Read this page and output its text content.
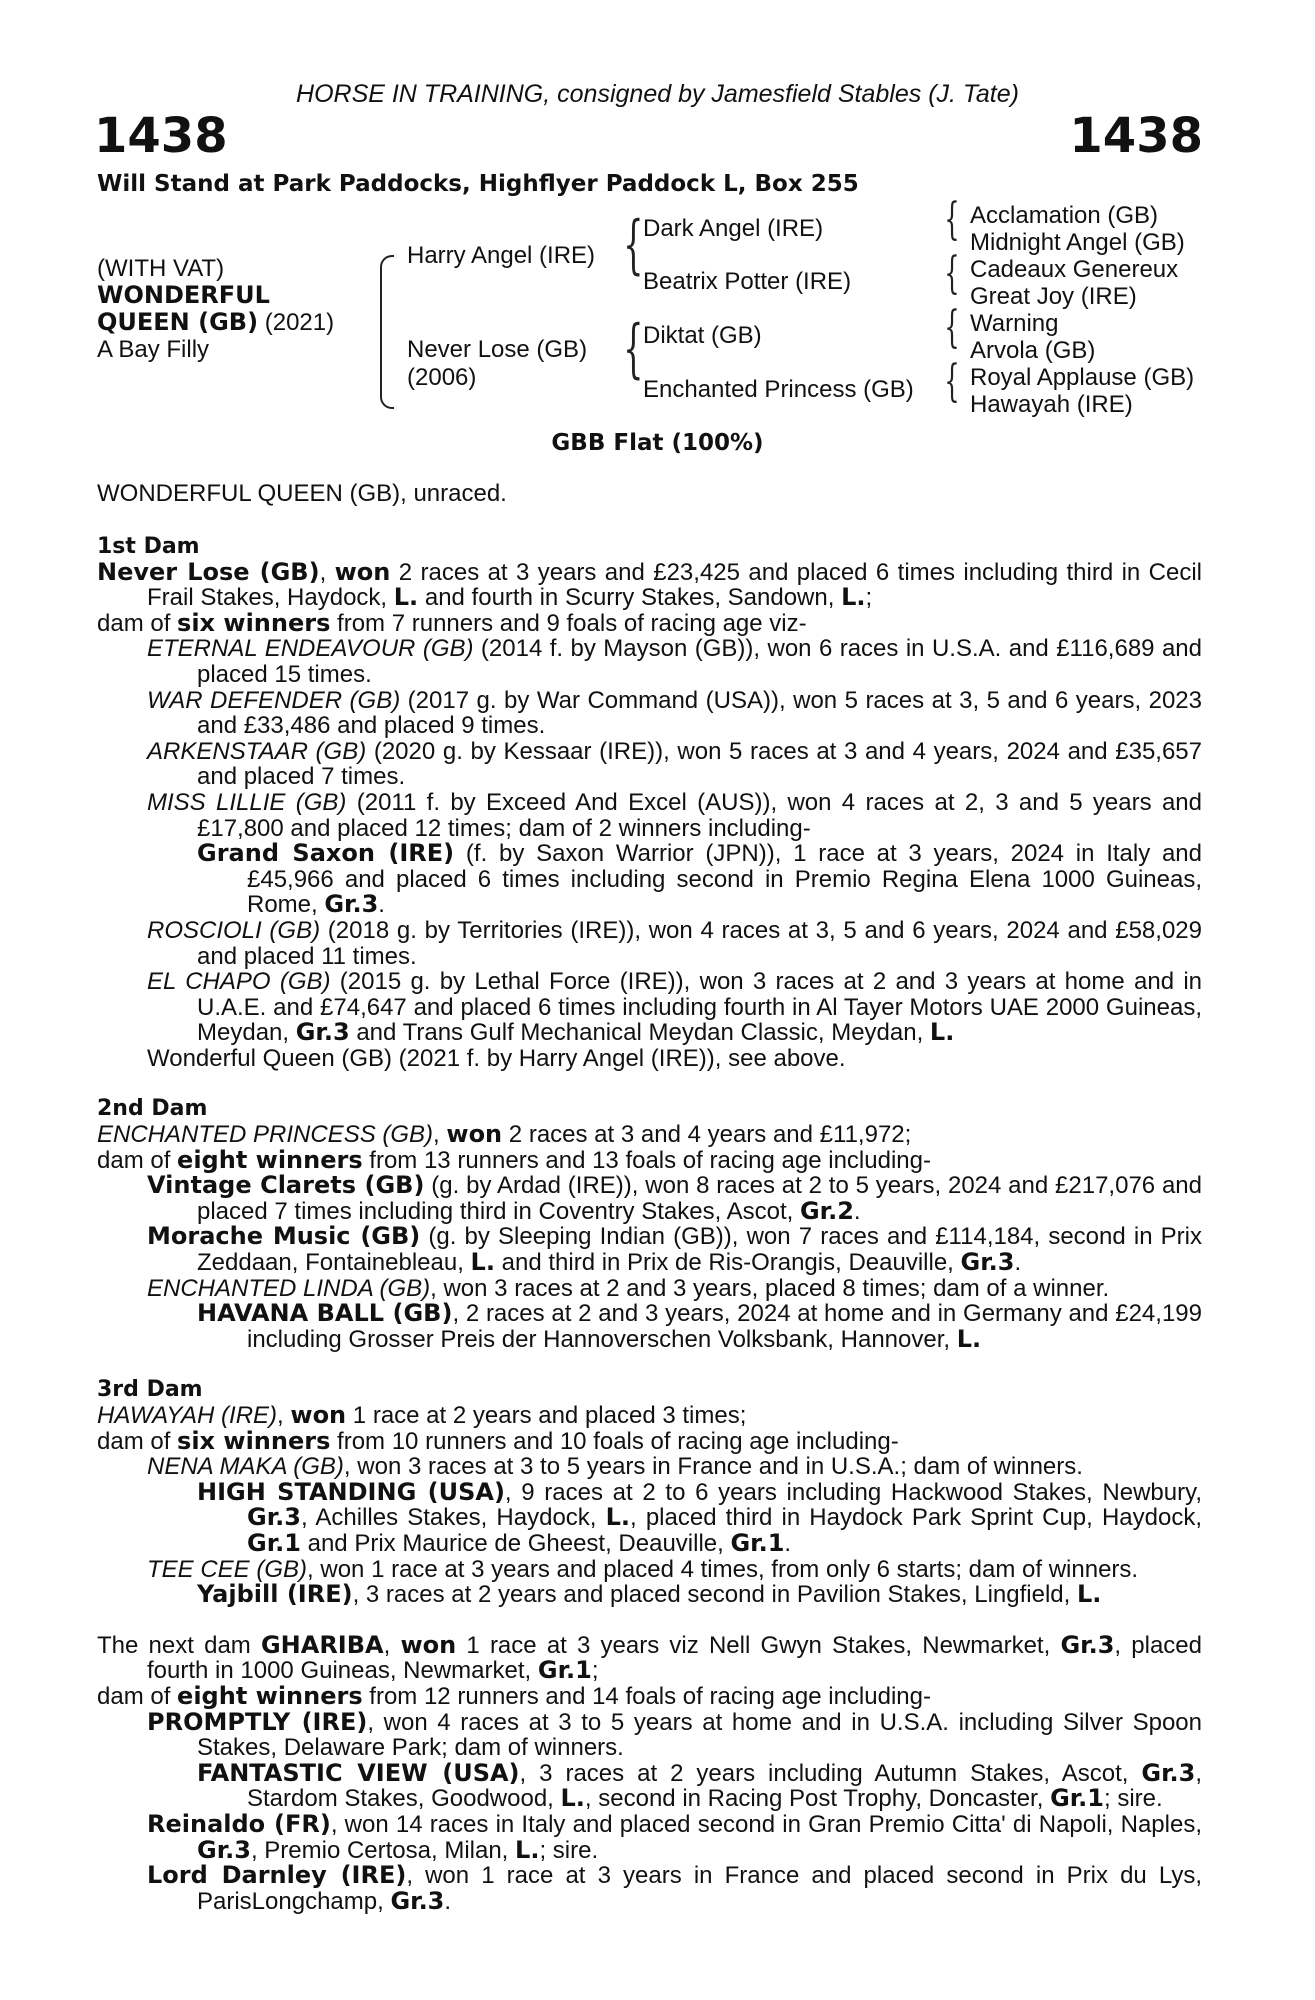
HORSE IN TRAINING, consigned by Jamesfield Stables (J. Tate)
1438	1438
Will Stand at Park Paddocks, Highflyer Paddock L, Box 255
(WITH VAT)
WONDERFUL
QUEEN (GB) (2021)
A Bay Filly
Harry Angel (IRE)
Never Lose (GB)
(2006)
{
{
Dark Angel (IRE)
Beatrix Potter (IRE)
Diktat (GB)
Enchanted Princess (GB)
{
{
{
{
Acclamation (GB)
Midnight Angel (GB)
Cadeaux Genereux
Great Joy (IRE)
Warning
Arvola (GB)
Royal Applause (GB)
Hawayah (IRE)
GBB Flat (100%)
WONDERFUL QUEEN (GB), unraced.

1st Dam

Never Lose (GB), won 2 races at 3 years and £23,425 and placed 6 times including third in Cecil Frail Stakes, Haydock, L. and fourth in Scurry Stakes, Sandown, L.;

dam of six winners from 7 runners and 9 foals of racing age viz-

ETERNAL ENDEAVOUR (GB) (2014 f. by Mayson (GB)), won 6 races in U.S.A. and £116,689 and placed 15 times.

WAR DEFENDER (GB) (2017 g. by War Command (USA)), won 5 races at 3, 5 and 6 years, 2023 and £33,486 and placed 9 times.

ARKENSTAAR (GB) (2020 g. by Kessaar (IRE)), won 5 races at 3 and 4 years, 2024 and £35,657 and placed 7 times.

MISS LILLIE (GB) (2011 f. by Exceed And Excel (AUS)), won 4 races at 2, 3 and 5 years and £17,800 and placed 12 times; dam of 2 winners including-

Grand Saxon (IRE) (f. by Saxon Warrior (JPN)), 1 race at 3 years, 2024 in Italy and £45,966 and placed 6 times including second in Premio Regina Elena 1000 Guineas, Rome, Gr.3.

ROSCIOLI (GB) (2018 g. by Territories (IRE)), won 4 races at 3, 5 and 6 years, 2024 and £58,029 and placed 11 times.

EL CHAPO (GB) (2015 g. by Lethal Force (IRE)), won 3 races at 2 and 3 years at home and in U.A.E. and £74,647 and placed 6 times including fourth in Al Tayer Motors UAE 2000 Guineas, Meydan, Gr.3 and Trans Gulf Mechanical Meydan Classic, Meydan, L.

Wonderful Queen (GB) (2021 f. by Harry Angel (IRE)), see above.

2nd Dam

ENCHANTED PRINCESS (GB), won 2 races at 3 and 4 years and £11,972;

dam of eight winners from 13 runners and 13 foals of racing age including-

Vintage Clarets (GB) (g. by Ardad (IRE)), won 8 races at 2 to 5 years, 2024 and £217,076 and placed 7 times including third in Coventry Stakes, Ascot, Gr.2.

Morache Music (GB) (g. by Sleeping Indian (GB)), won 7 races and £114,184, second in Prix Zeddaan, Fontainebleau, L. and third in Prix de Ris-Orangis, Deauville, Gr.3.

ENCHANTED LINDA (GB), won 3 races at 2 and 3 years, placed 8 times; dam of a winner.

HAVANA BALL (GB), 2 races at 2 and 3 years, 2024 at home and in Germany and £24,199 including Grosser Preis der Hannoverschen Volksbank, Hannover, L.

3rd Dam

HAWAYAH (IRE), won 1 race at 2 years and placed 3 times;

dam of six winners from 10 runners and 10 foals of racing age including-

NENA MAKA (GB), won 3 races at 3 to 5 years in France and in U.S.A.; dam of winners.

HIGH STANDING (USA), 9 races at 2 to 6 years including Hackwood Stakes, Newbury, Gr.3, Achilles Stakes, Haydock, L., placed third in Haydock Park Sprint Cup, Haydock, Gr.1 and Prix Maurice de Gheest, Deauville, Gr.1.

TEE CEE (GB), won 1 race at 3 years and placed 4 times, from only 6 starts; dam of winners.

Yajbill (IRE), 3 races at 2 years and placed second in Pavilion Stakes, Lingfield, L.

The next dam GHARIBA, won 1 race at 3 years viz Nell Gwyn Stakes, Newmarket, Gr.3, placed fourth in 1000 Guineas, Newmarket, Gr.1;

dam of eight winners from 12 runners and 14 foals of racing age including-

PROMPTLY (IRE), won 4 races at 3 to 5 years at home and in U.S.A. including Silver Spoon Stakes, Delaware Park; dam of winners.

FANTASTIC VIEW (USA), 3 races at 2 years including Autumn Stakes, Ascot, Gr.3, Stardom Stakes, Goodwood, L., second in Racing Post Trophy, Doncaster, Gr.1; sire.

Reinaldo (FR), won 14 races in Italy and placed second in Gran Premio Citta' di Napoli, Naples, Gr.3, Premio Certosa, Milan, L.; sire.

Lord Darnley (IRE), won 1 race at 3 years in France and placed second in Prix du Lys, ParisLongchamp, Gr.3.
